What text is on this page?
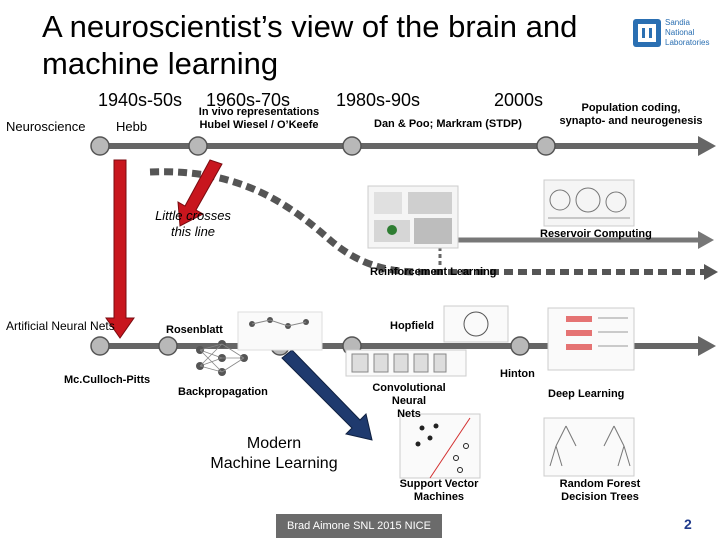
A neuroscientist’s view of the brain and machine learning
Sandia National Laboratories
1940s-50s 1960s-70s	1980s-90s	2000s
Neuroscience
Artificial Neural Nets
Hebb
In vivo representations
Hubel Wiesel / O’Keefe	Dan & Poo; Markram (STDP)
Population coding,
synapto- and neurogenesis
Little crosses
this line	Reservoir Computing
Reinforcement Learning
Rosenblatt	Hopfield
Mc.Culloch-Pitts
Backpropagation	Convolutional Neural
Nets
Hinton
Deep Learning
Modern
Machine Learning
Support Vector
Machines
Random Forest
Decision Trees
Brad Aimone SNL 2015 NICE	2
